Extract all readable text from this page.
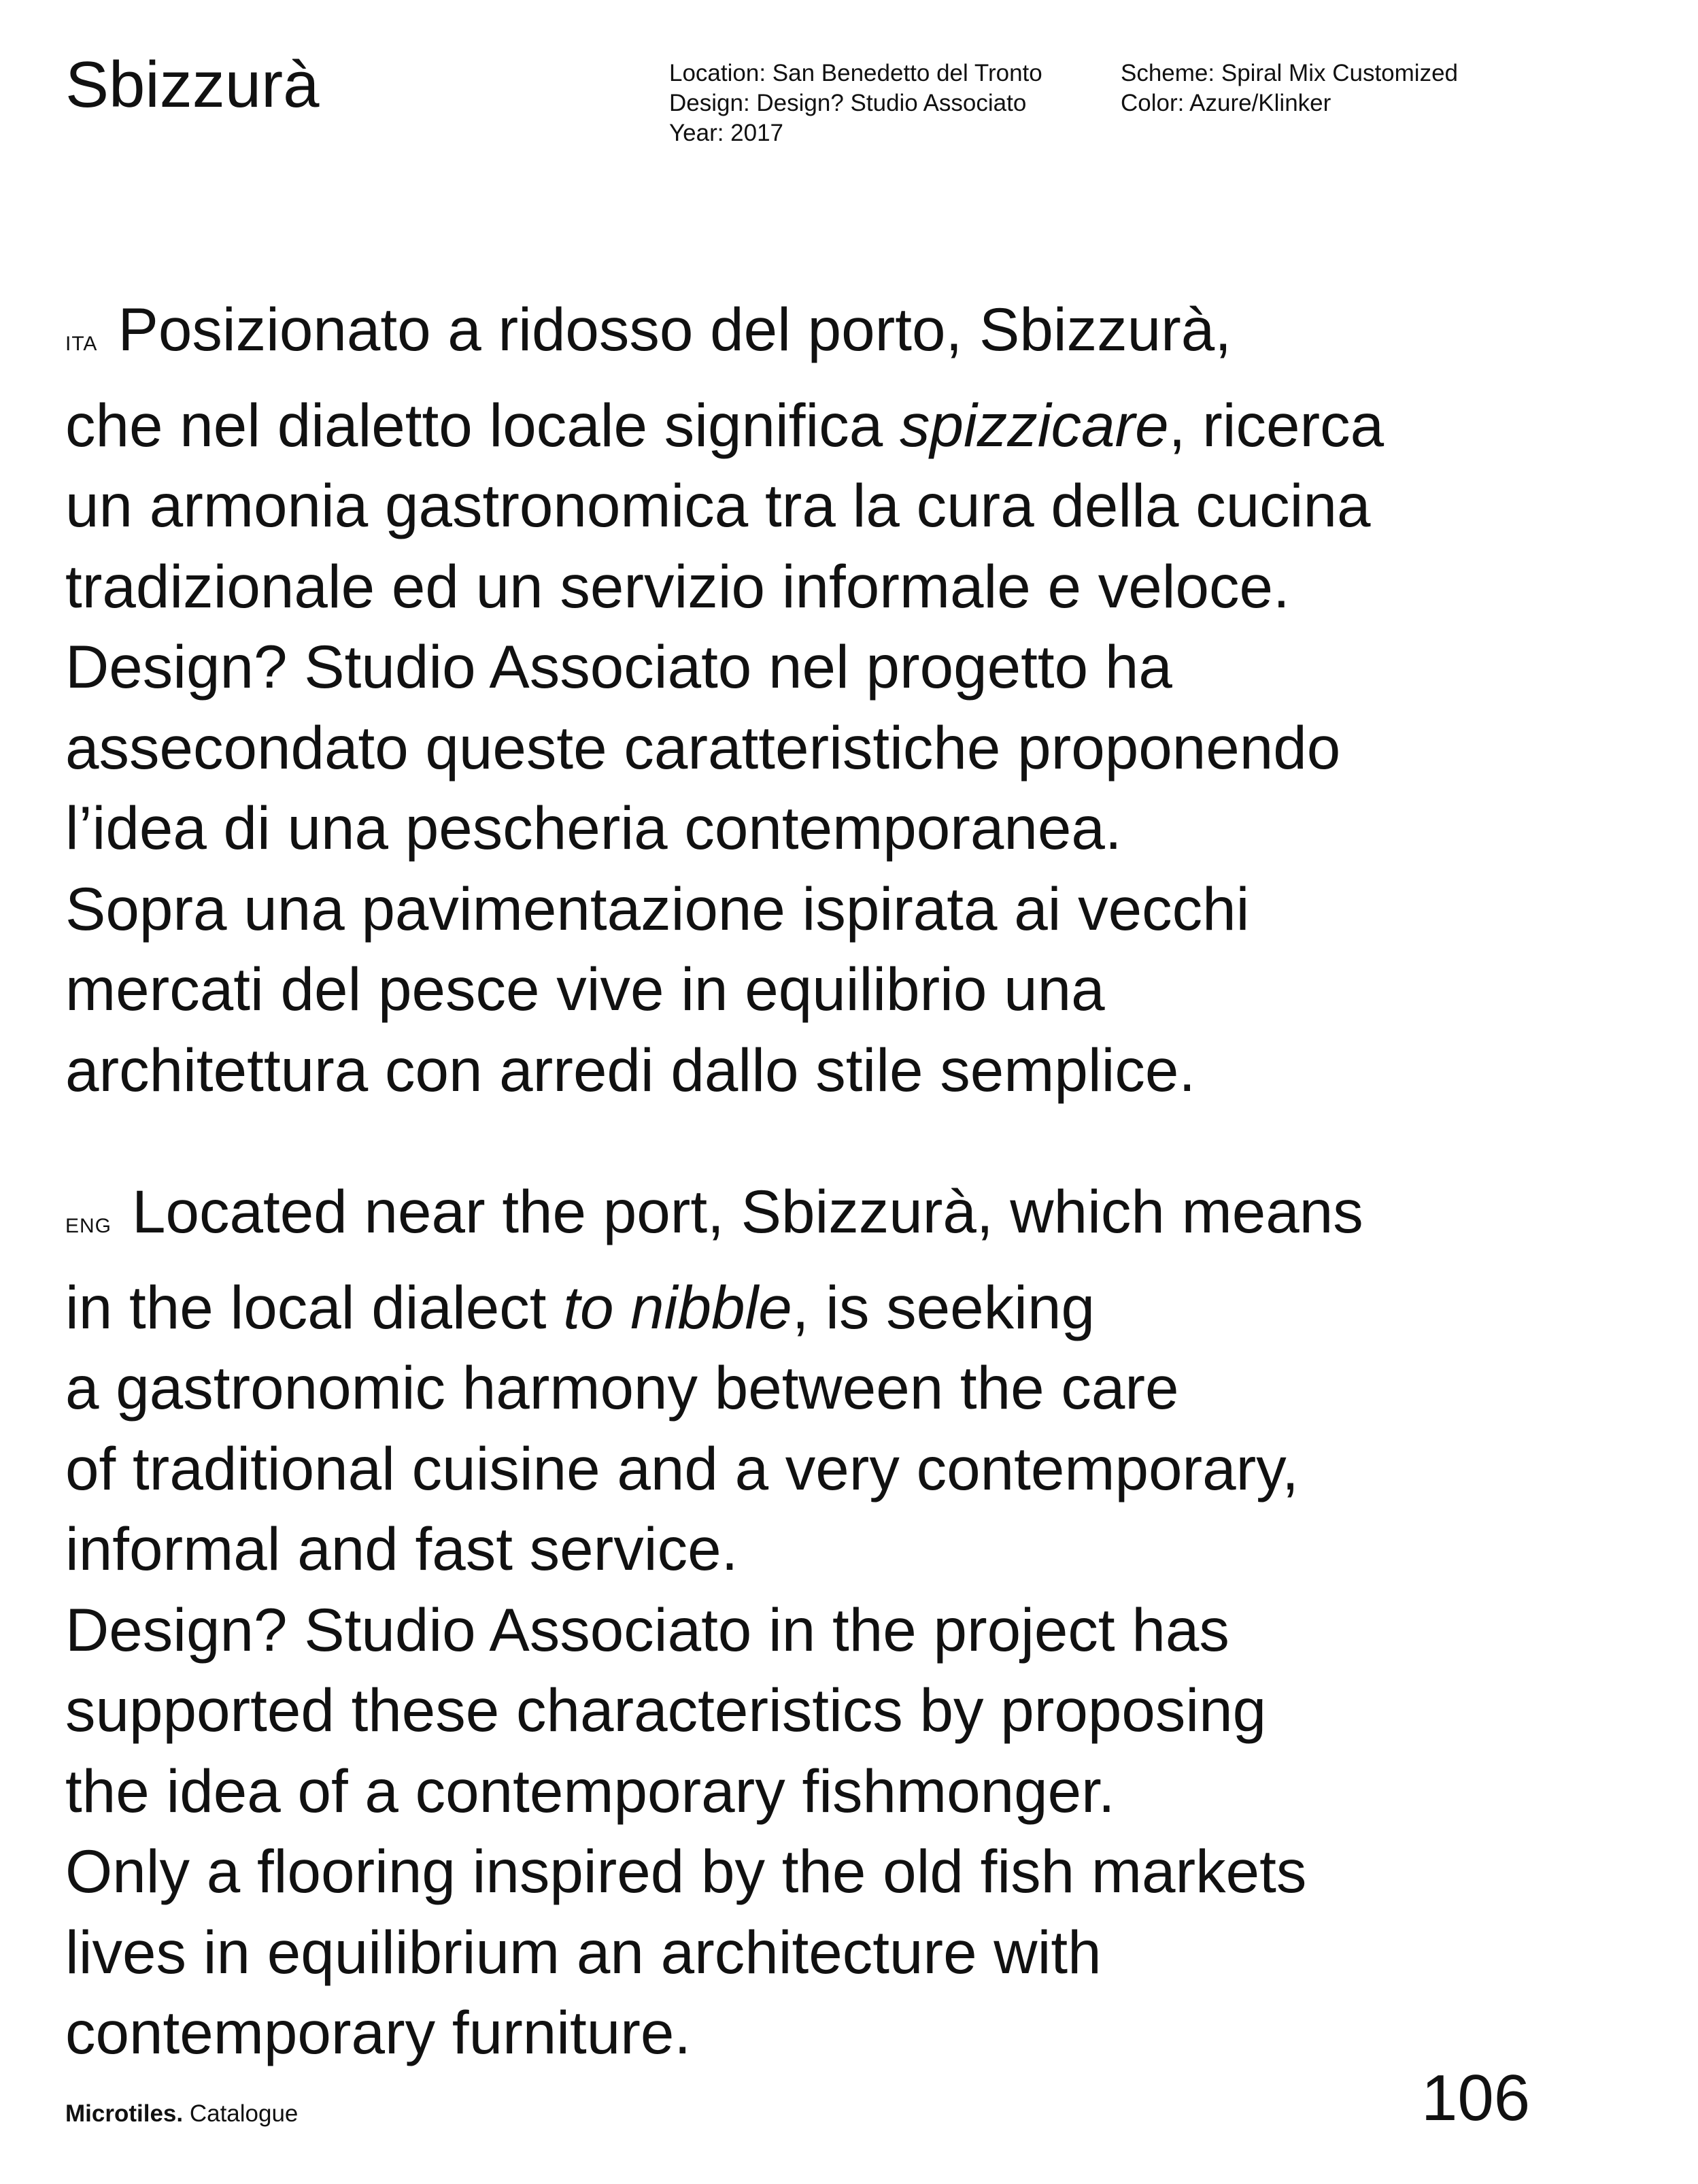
Sbizzurà	Location: San Benedetto del Tronto
Design: Design? Studio Associato
Year: 2017
Scheme: Spiral Mix Customized
Color: Azure/Klinker
ITA Posizionato a ridosso del porto, Sbizzurà,
che nel dialetto locale significa spizzicare, ricerca
un armonia gastronomica tra la cura della cucina
tradizionale ed un servizio informale e veloce.
Design? Studio Associato nel progetto ha
assecondato queste caratteristiche proponendo
l’idea di una pescheria contemporanea.
Sopra una pavimentazione ispirata ai vecchi
mercati del pesce vive in equilibrio una
architettura con arredi dallo stile semplice.
ENG Located near the port, Sbizzurà, which means
in the local dialect to nibble, is seeking
a gastronomic harmony between the care
of traditional cuisine and a very contemporary,
informal and fast service.
Design? Studio Associato in the project has
supported these characteristics by proposing
the idea of a contemporary fishmonger.
Only a flooring inspired by the old fish markets
lives in equilibrium an architecture with
contemporary furniture.
Microtiles. Catalogue	106
